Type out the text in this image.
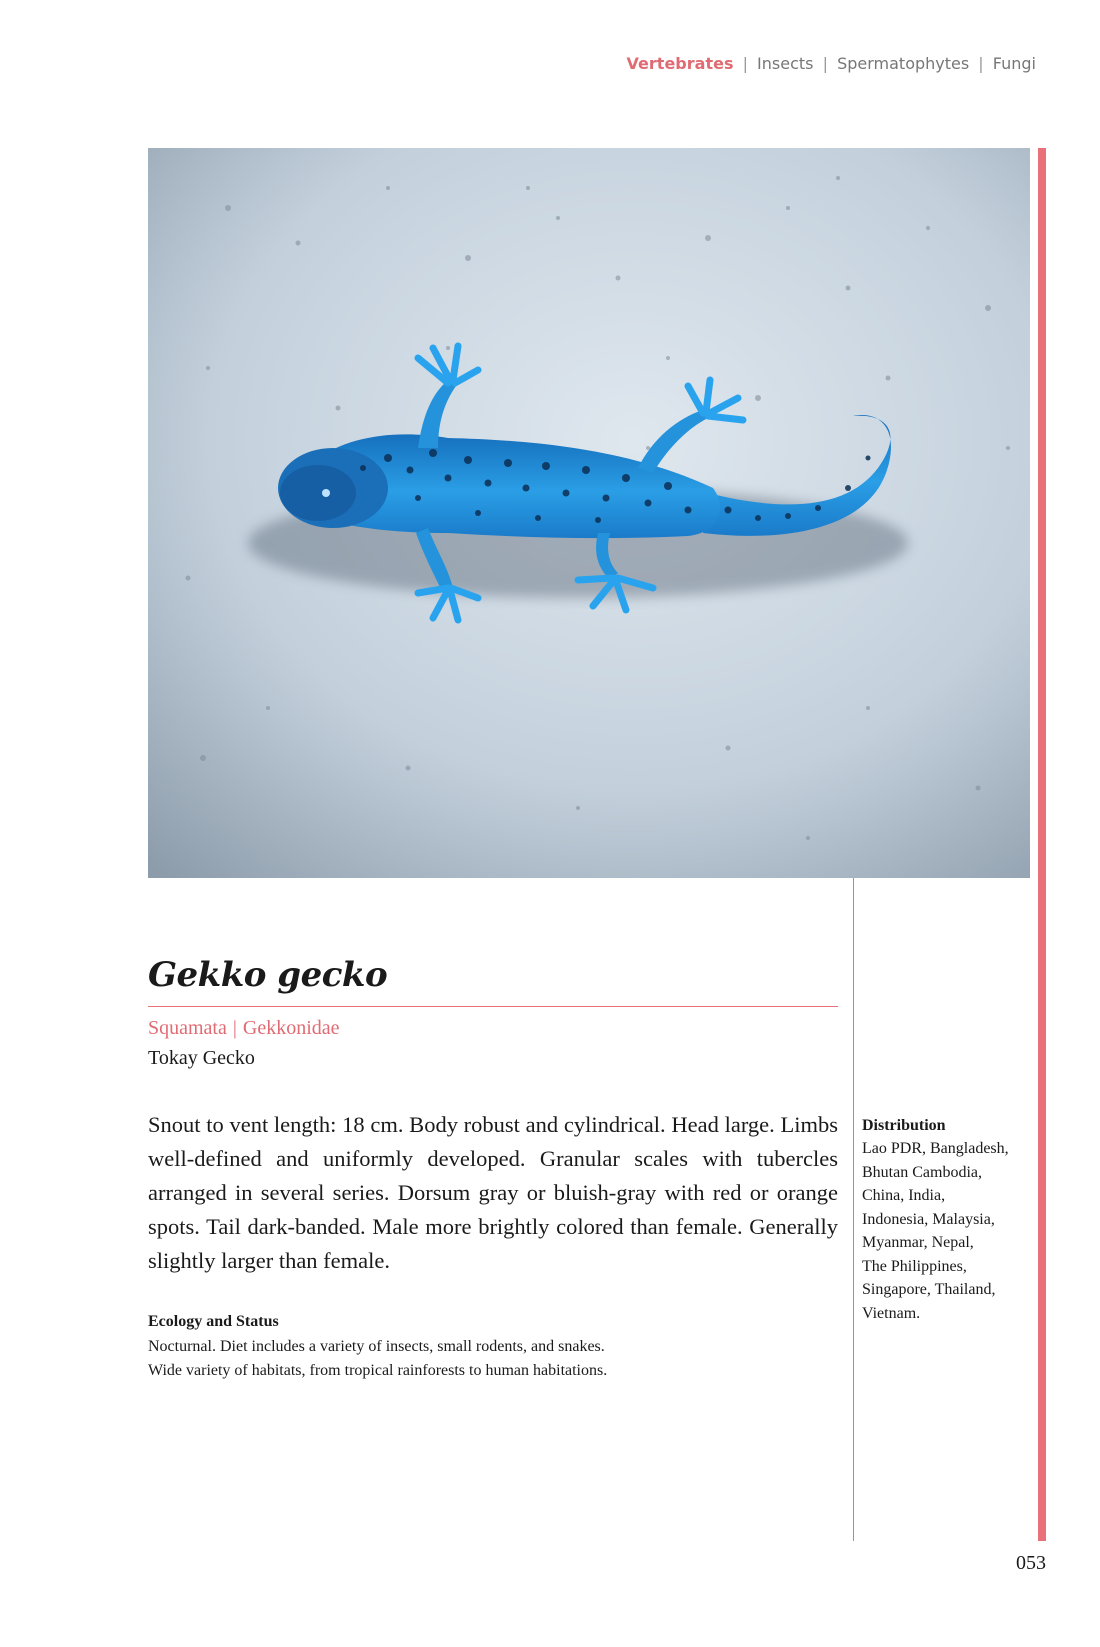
Vertebrates | Insects | Spermatophytes | Fungi
Gekko gecko
Squamata | Gekkonidae
Tokay Gecko

Snout to vent length: 18 cm. Body robust and cylindrical. Head large. Limbs well-defined and uniformly developed. Granular scales with tubercles arranged in several series. Dorsum gray or bluish-gray with red or orange spots. Tail dark-banded. Male more brightly colored than female. Generally slightly larger than female.

Ecology and Status
Nocturnal. Diet includes a variety of insects, small rodents, and snakes.
Wide variety of habitats, from tropical rainforests to human habitations.
Distribution
Lao PDR, Bangladesh,
Bhutan Cambodia,
China, India,
Indonesia, Malaysia,
Myanmar, Nepal,
The Philippines,
Singapore, Thailand,
Vietnam.
053
